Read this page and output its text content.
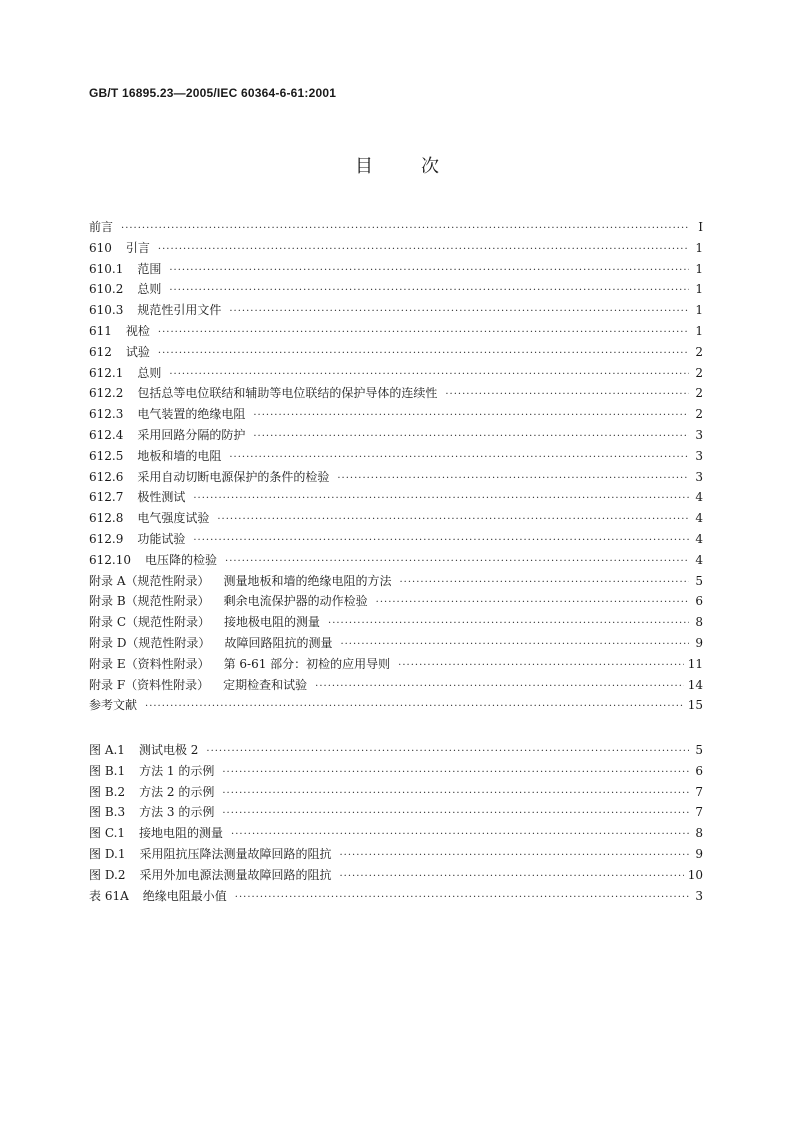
GB/T 16895.23—2005/IEC 60364-6-61:2001
目	次
前言 ·····	Ⅰ
610 引言 ·····	1
610.1 范围 ·····	1
610.2 总则 ·····	1
610.3 规范性引用文件 ·····	1
611 视检 ·····	1
612 试验 ·····	2
612.1 总则 ·····	2
612.2 包括总等电位联结和辅助等电位联结的保护导体的连续性 ·····	2
612.3 电气装置的绝缘电阻 ·····	2
612.4 采用回路分隔的防护 ·····	3
612.5 地板和墙的电阻 ·····	3
612.6 采用自动切断电源保护的条件的检验 ·····	3
612.7 极性测试 ·····	4
612.8 电气强度试验 ·····	4
612.9 功能试验 ·····	4
612.10 电压降的检验 ·····	4
附录 A（规范性附录） 测量地板和墙的绝缘电阻的方法 ·····	5
附录 B（规范性附录） 剩余电流保护器的动作检验 ·····	6
附录 C（规范性附录） 接地极电阻的测量 ·····	8
附录 D（规范性附录） 故障回路阻抗的测量 ·····	9
附录 E（资料性附录） 第 6-61 部分：初检的应用导则 ·····	11
附录 F（资料性附录） 定期检查和试验 ·····	14
参考文献 ·····	15
图 A.1 测试电极 2 ·····	5
图 B.1 方法 1 的示例 ·····	6
图 B.2 方法 2 的示例 ·····	7
图 B.3 方法 3 的示例 ·····	7
图 C.1 接地电阻的测量 ·····	8
图 D.1 采用阻抗压降法测量故障回路的阻抗 ·····	9
图 D.2 采用外加电源法测量故障回路的阻抗 ·····	10
表 61A 绝缘电阻最小值 ·····	3
